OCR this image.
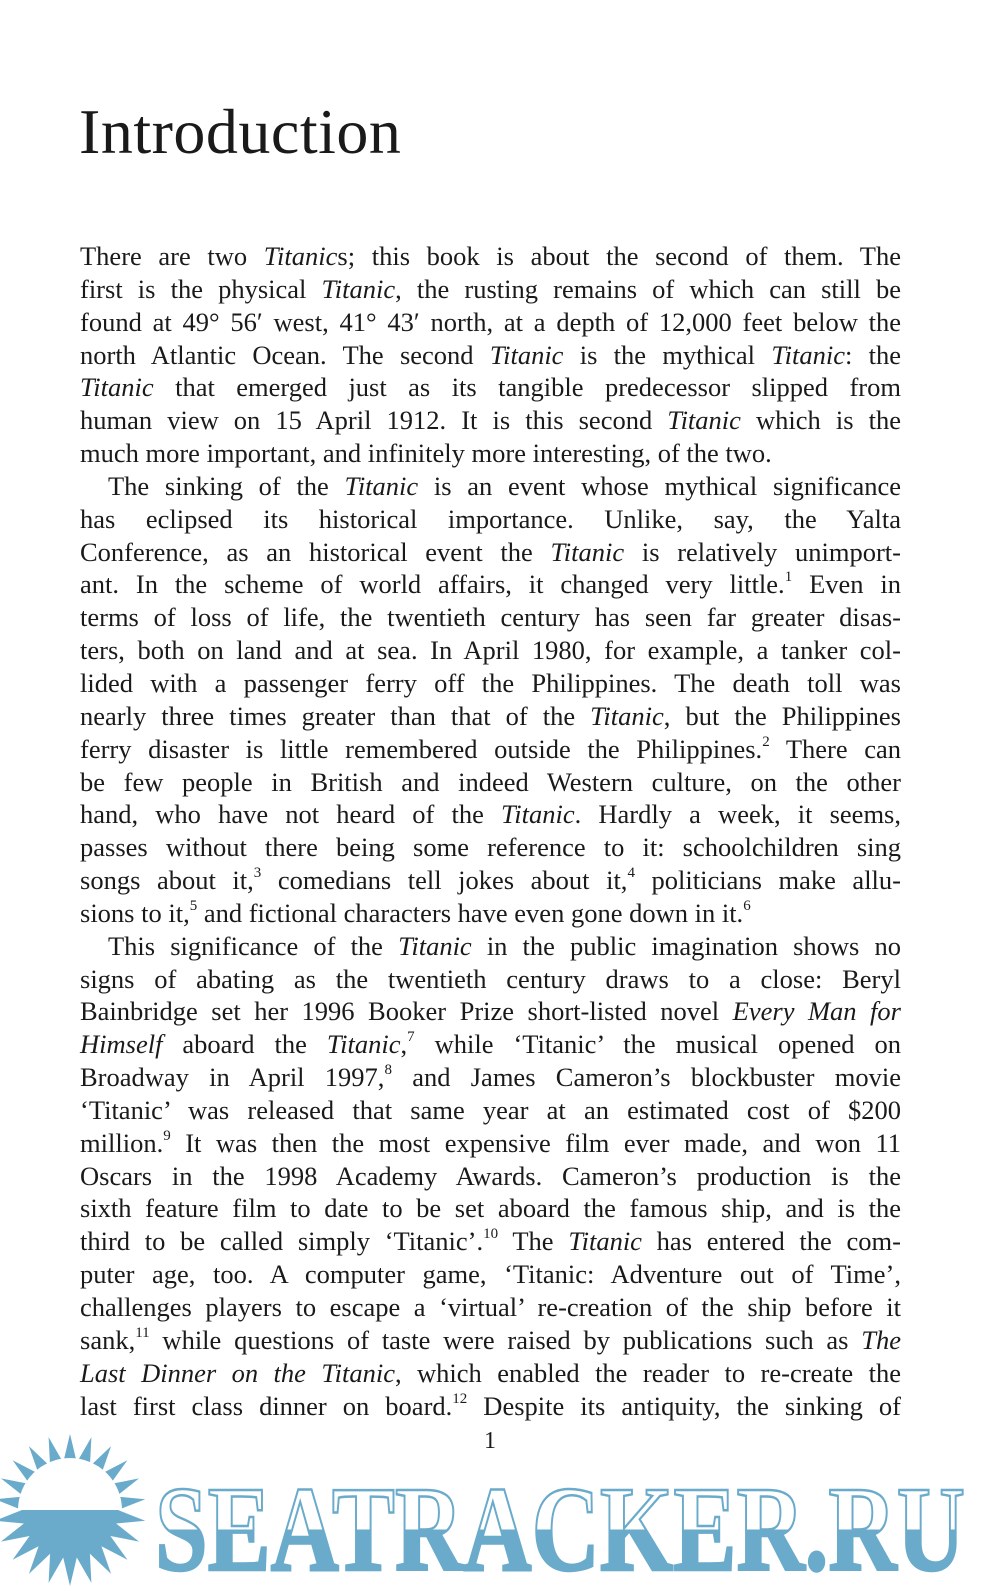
Introduction
There are two Titanics; this book is about the second of them. The
first is the physical Titanic, the rusting remains of which can still be
found at 49° 56′ west, 41° 43′ north, at a depth of 12,000 feet below the
north Atlantic Ocean. The second Titanic is the mythical Titanic: the
Titanic that emerged just as its tangible predecessor slipped from
human view on 15 April 1912. It is this second Titanic which is the
much more important, and infinitely more interesting, of the two.
The sinking of the Titanic is an event whose mythical significance
has eclipsed its historical importance. Unlike, say, the Yalta
Conference, as an historical event the Titanic is relatively unimport-
ant. In the scheme of world affairs, it changed very little.$^1$ Even in
terms of loss of life, the twentieth century has seen far greater disas-
ters, both on land and at sea. In April 1980, for example, a tanker col-
lided with a passenger ferry off the Philippines. The death toll was
nearly three times greater than that of the Titanic, but the Philippines
ferry disaster is little remembered outside the Philippines.$^2$ There can
be few people in British and indeed Western culture, on the other
hand, who have not heard of the Titanic. Hardly a week, it seems,
passes without there being some reference to it: schoolchildren sing
songs about it,$^3$ comedians tell jokes about it,$^4$ politicians make allu-
sions to it,$^5$ and fictional characters have even gone down in it.$^6$
This significance of the Titanic in the public imagination shows no
signs of abating as the twentieth century draws to a close: Beryl
Bainbridge set her 1996 Booker Prize short-listed novel Every Man for
Himself aboard the Titanic,$^7$ while ‘Titanic’ the musical opened on
Broadway in April 1997,$^8$ and James Cameron’s blockbuster movie
‘Titanic’ was released that same year at an estimated cost of $200
million.$^9$ It was then the most expensive film ever made, and won 11
Oscars in the 1998 Academy Awards. Cameron’s production is the
sixth feature film to date to be set aboard the famous ship, and is the
third to be called simply ‘Titanic’.$^{10}$ The Titanic has entered the com-
puter age, too. A computer game, ‘Titanic: Adventure out of Time’,
challenges players to escape a ‘virtual’ re-creation of the ship before it
sank,$^{11}$ while questions of taste were raised by publications such as The
Last Dinner on the Titanic, which enabled the reader to re-create the
last first class dinner on board.$^{12}$ Despite its antiquity, the sinking of
1
SEATRACKER.RU
